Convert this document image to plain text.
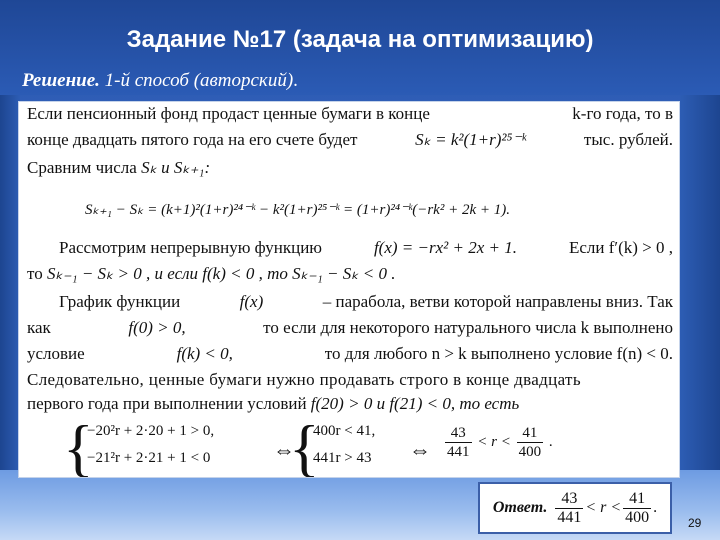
Задание №17 (задача на оптимизацию)
Решение. 1-й способ (авторский).
Если пенсионный фонд продаст ценные бумаги в конце	k-го года, то в
конце двадцать пятого года на его счете будет	Sₖ = k²(1+r)²⁵⁻ᵏ	тыс. рублей.
Сравним числа Sₖ и Sₖ₊₁:
Sₖ₊₁ − Sₖ = (k+1)²(1+r)²⁴⁻ᵏ − k²(1+r)²⁵⁻ᵏ = (1+r)²⁴⁻ᵏ(−rk² + 2k + 1).
Рассмотрим непрерывную функцию	f(x) = −rx² + 2x + 1.	Если f′(k) > 0 ,
то Sₖ₋₁ − Sₖ > 0 , и если f(k) < 0 , то Sₖ₋₁ − Sₖ < 0 .
График функции	f(x)	– парабола, ветви которой направлены вниз. Так
как	f(0) > 0,	то если для некоторого натурального числа k выполнено
условие	f(k) < 0,	то для любого n > k выполнено условие f(n) < 0.
Следовательно, ценные бумаги нужно продавать строго в конце двадцать
первого года при выполнении условий f(20) > 0 и f(21) < 0, то есть
{
−20²r + 2·20 + 1 > 0,
−21²r + 2·21 + 1 < 0	⇔
{
400r < 41,
441r > 43 ⇔ $\frac{43}{441} < r < \frac{41}{400}$ .
Ответ. $\frac{43}{441} < r < \frac{41}{400}$ .
29
